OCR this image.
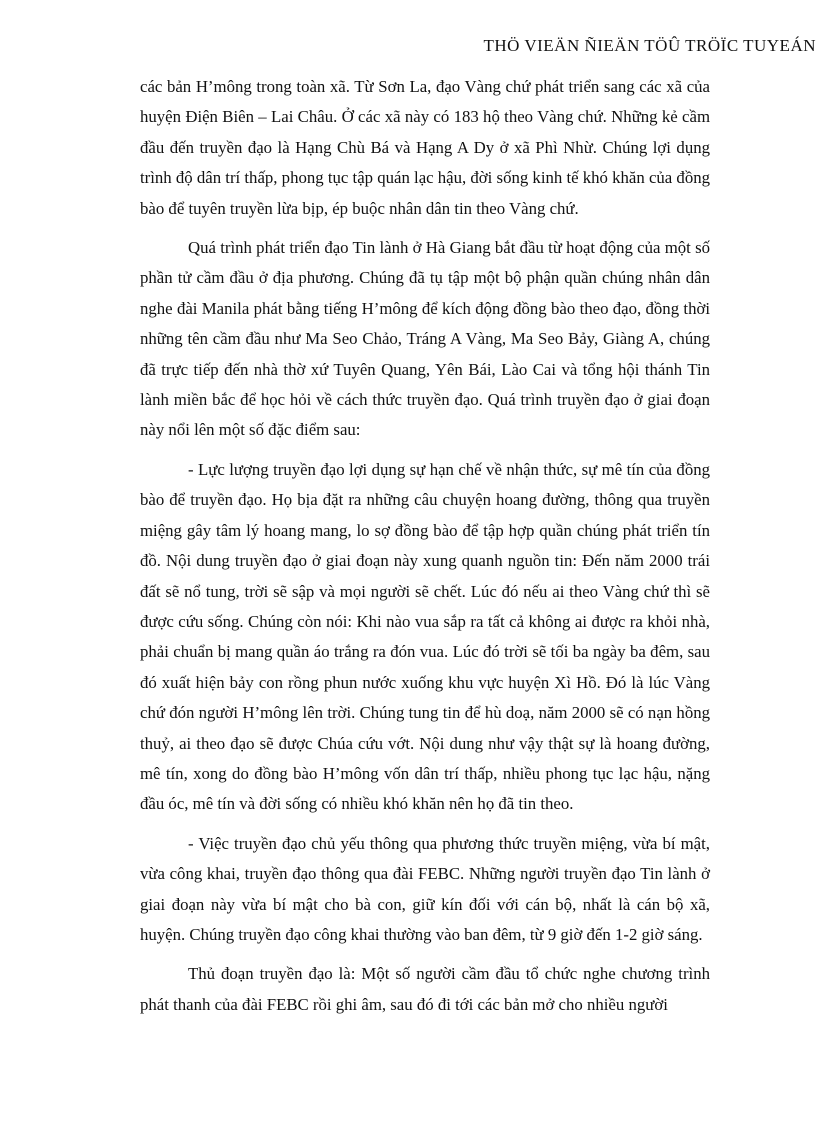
THÖ VIEÄN ÑIEÄN TÖÛ TRÖÏC TUYEÁN

các bản H’mông trong toàn xã. Từ Sơn La, đạo Vàng chứ phát triển sang các xã của huyện Điện Biên – Lai Châu. Ở các xã này có 183 hộ theo Vàng chứ. Những kẻ cầm đầu đến truyền đạo là Hạng Chù Bá và Hạng A Dy ở xã Phì Nhừ. Chúng lợi dụng trình độ dân trí thấp, phong tục tập quán lạc hậu, đời sống kinh tế khó khăn của đồng bào để tuyên truyền lừa bịp, ép buộc nhân dân tin theo Vàng chứ.

Quá trình phát triển đạo Tin lành ở Hà Giang bắt đầu từ hoạt động của một số phần tử cầm đầu ở địa phương. Chúng đã tụ tập một bộ phận quần chúng nhân dân nghe đài Manila phát bằng tiếng H’mông để kích động đồng bào theo đạo, đồng thời những tên cầm đầu như Ma Seo Chảo, Tráng A Vàng, Ma Seo Bảy, Giàng A, chúng đã trực tiếp đến nhà thờ xứ Tuyên Quang, Yên Bái, Lào Cai và tổng hội thánh Tin lành miền bắc để học hỏi về cách thức truyền đạo. Quá trình truyền đạo ở giai đoạn này nổi lên một số đặc điểm sau:

- Lực lượng truyền đạo lợi dụng sự hạn chế về nhận thức, sự mê tín của đồng bào để truyền đạo. Họ bịa đặt ra những câu chuyện hoang đường, thông qua truyền miệng gây tâm lý hoang mang, lo sợ đồng bào để tập hợp quần chúng phát triển tín đồ. Nội dung truyền đạo ở giai đoạn này xung quanh nguồn tin: Đến năm 2000 trái đất sẽ nổ tung, trời sẽ sập và mọi người sẽ chết. Lúc đó nếu ai theo Vàng chứ thì sẽ được cứu sống. Chúng còn nói: Khi nào vua sắp ra tất cả không ai được ra khỏi nhà, phải chuẩn bị mang quần áo trắng ra đón vua. Lúc đó trời sẽ tối ba ngày ba đêm, sau đó xuất hiện bảy con rồng phun nước xuống khu vực huyện Xì Hồ. Đó là lúc Vàng chứ đón người H’mông lên trời. Chúng tung tin để hù doạ, năm 2000 sẽ có nạn hồng thuỷ, ai theo đạo sẽ được Chúa cứu vớt. Nội dung như vậy thật sự là hoang đường, mê tín, xong do đồng bào H’mông vốn dân trí thấp, nhiều phong tục lạc hậu, nặng đầu óc, mê tín và đời sống có nhiều khó khăn nên họ đã tin theo.

- Việc truyền đạo chủ yếu thông qua phương thức truyền miệng, vừa bí mật, vừa công khai, truyền đạo thông qua đài FEBC. Những người truyền đạo Tin lành ở giai đoạn này vừa bí mật cho bà con, giữ kín đối với cán bộ, nhất là cán bộ xã, huyện. Chúng truyền đạo công khai thường vào ban đêm, từ 9 giờ đến 1-2 giờ sáng.

Thủ đoạn truyền đạo là: Một số người cầm đầu tổ chức nghe chương trình phát thanh của đài FEBC rồi ghi âm, sau đó đi tới các bản mở cho nhiều người
